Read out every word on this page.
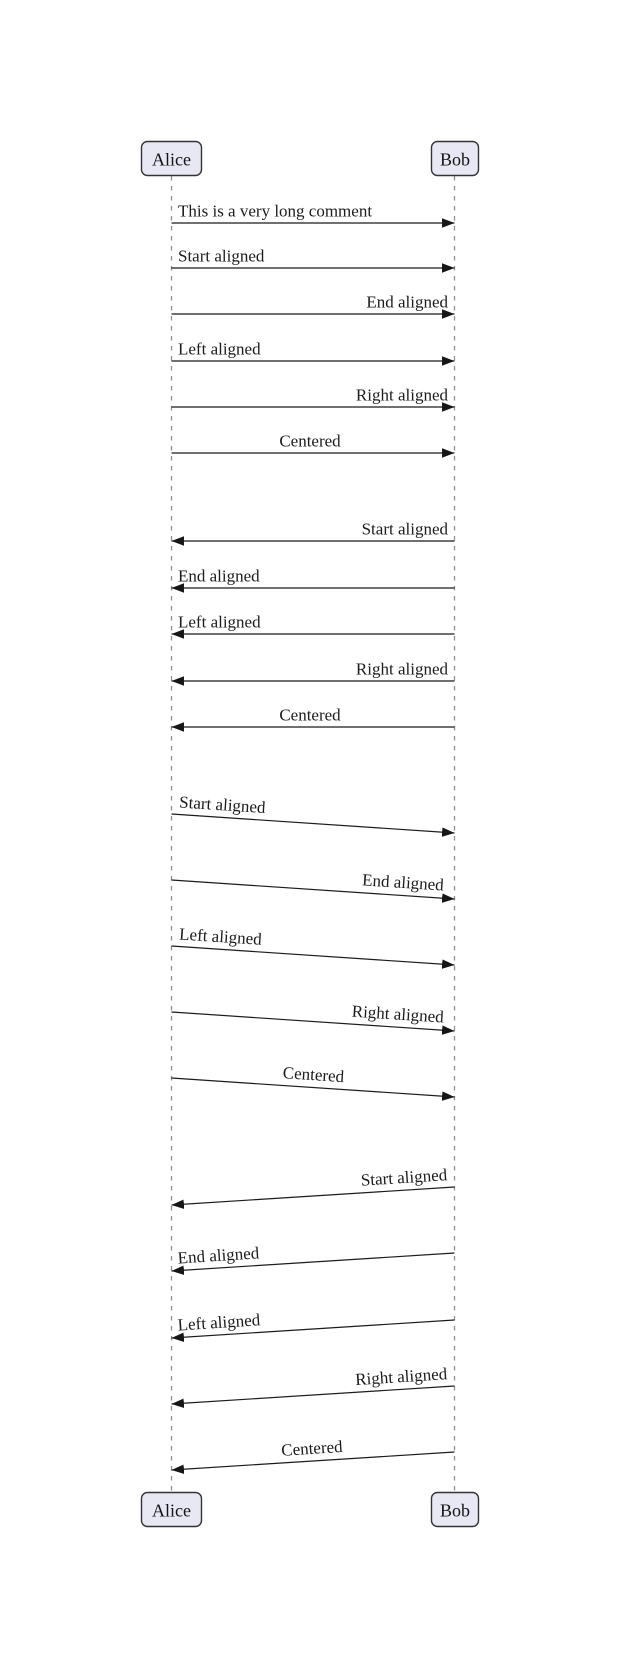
Alice	Bob
This is a very long comment
Start aligned
End aligned
Left aligned
Right aligned
Centered
Start aligned
End aligned
Left aligned
Right aligned
Centered
Start aligned
End aligned
Left aligned
Right aligned
Centered
Start aligned
End aligned
Left aligned
Right aligned
Centered
Alice	Bob
